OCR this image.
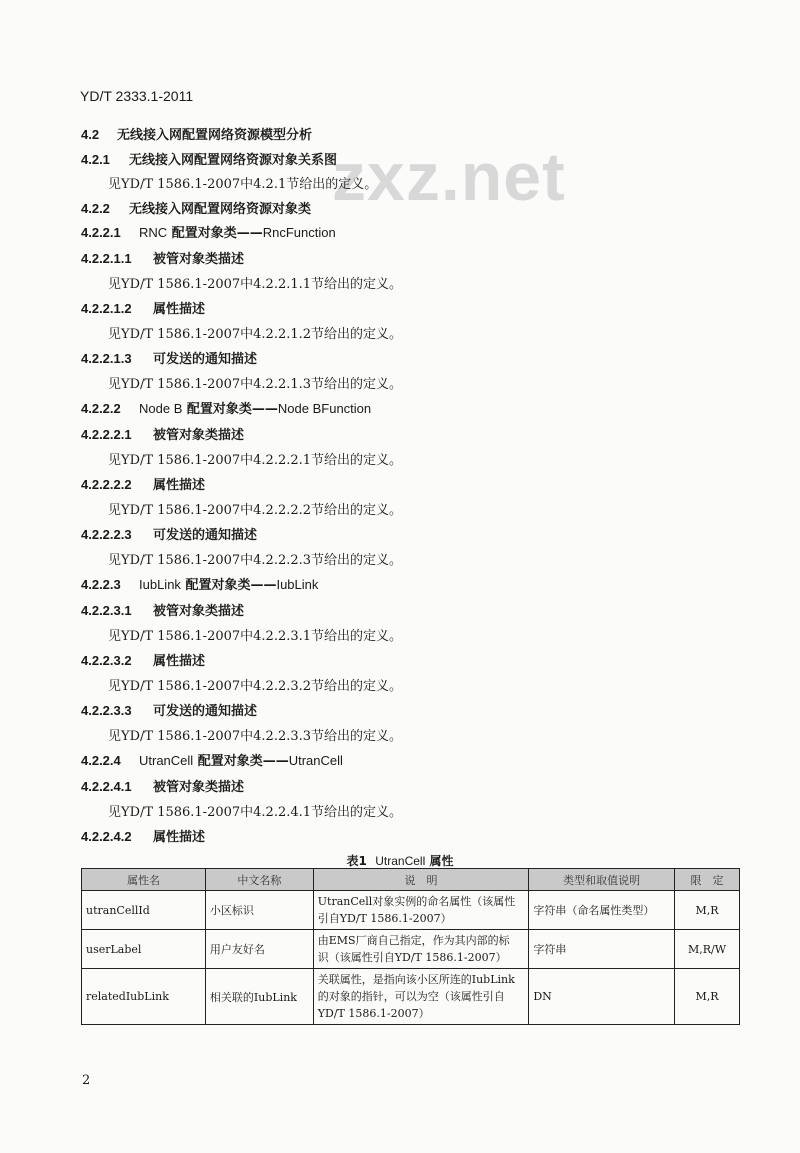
YD/T 2333.1-2011
zxz.net
4.2 无线接入网配置网络资源模型分析
4.2.1 无线接入网配置网络资源对象关系图
见YD/T 1586.1-2007中4.2.1节给出的定义。
4.2.2 无线接入网配置网络资源对象类
4.2.2.1 RNC 配置对象类——RncFunction
4.2.2.1.1 被管对象类描述
见YD/T 1586.1-2007中4.2.2.1.1节给出的定义。
4.2.2.1.2 属性描述
见YD/T 1586.1-2007中4.2.2.1.2节给出的定义。
4.2.2.1.3 可发送的通知描述
见YD/T 1586.1-2007中4.2.2.1.3节给出的定义。
4.2.2.2 Node B 配置对象类——Node BFunction
4.2.2.2.1 被管对象类描述
见YD/T 1586.1-2007中4.2.2.2.1节给出的定义。
4.2.2.2.2 属性描述
见YD/T 1586.1-2007中4.2.2.2.2节给出的定义。
4.2.2.2.3 可发送的通知描述
见YD/T 1586.1-2007中4.2.2.2.3节给出的定义。
4.2.2.3 IubLink 配置对象类——IubLink
4.2.2.3.1 被管对象类描述
见YD/T 1586.1-2007中4.2.2.3.1节给出的定义。
4.2.2.3.2 属性描述
见YD/T 1586.1-2007中4.2.2.3.2节给出的定义。
4.2.2.3.3 可发送的通知描述
见YD/T 1586.1-2007中4.2.2.3.3节给出的定义。
4.2.2.4 UtranCell 配置对象类——UtranCell
4.2.2.4.1 被管对象类描述
见YD/T 1586.1-2007中4.2.2.4.1节给出的定义。
4.2.2.4.2 属性描述
表1 UtranCell 属性
属性名	中文名称	说　明	类型和取值说明	限　定
utranCellId	小区标识	UtranCell对象实例的命名属性（该属性
引自YD/T 1586.1-2007）	字符串（命名属性类型）	M,R
userLabel	用户友好名	由EMS厂商自己指定，作为其内部的标
识（该属性引自YD/T 1586.1-2007）	字符串	M,R/W
relatedIubLink	相关联的IubLink	关联属性，是指向该小区所连的IubLink
的对象的指针，可以为空（该属性引自
YD/T 1586.1-2007）	DN	M,R
2
